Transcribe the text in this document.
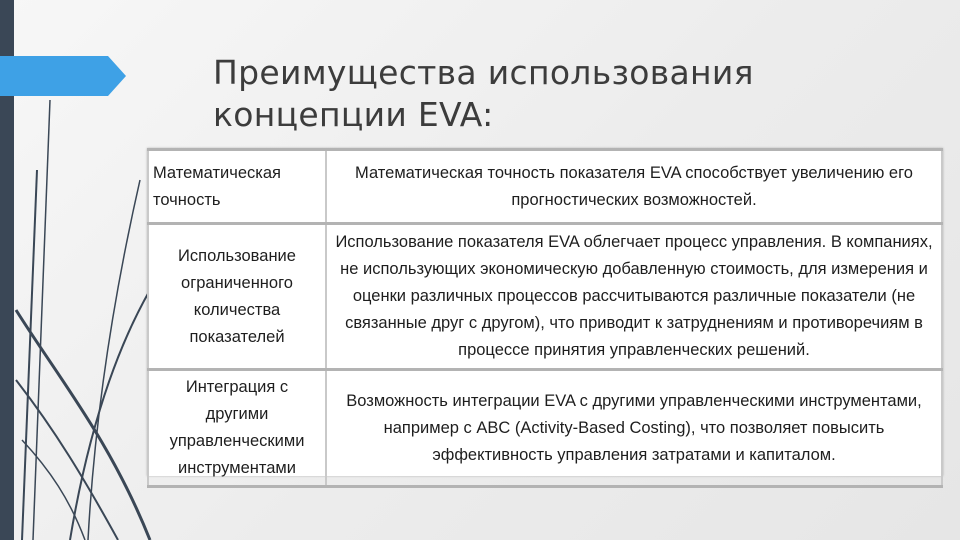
Преимущества использования
концепции EVA:
Математическая точность	Математическая точность показателя EVA способствует увеличению его прогностических возможностей.
Использование ограниченного количества показателей	Использование показателя EVA облегчает процесс управления. В компаниях, не использующих экономическую добавленную стоимость, для измерения и оценки различных процессов рассчитываются различные показатели (не связанные друг с другом), что приводит к затруднениям и противоречиям в процессе принятия управленческих решений.
Интеграция с другими управленческими инструментами	Возможность интеграции EVA с другими управленческими инструментами, например с ABC (Activity-Based Costing), что позволяет повысить эффективность управления затратами и капиталом.
